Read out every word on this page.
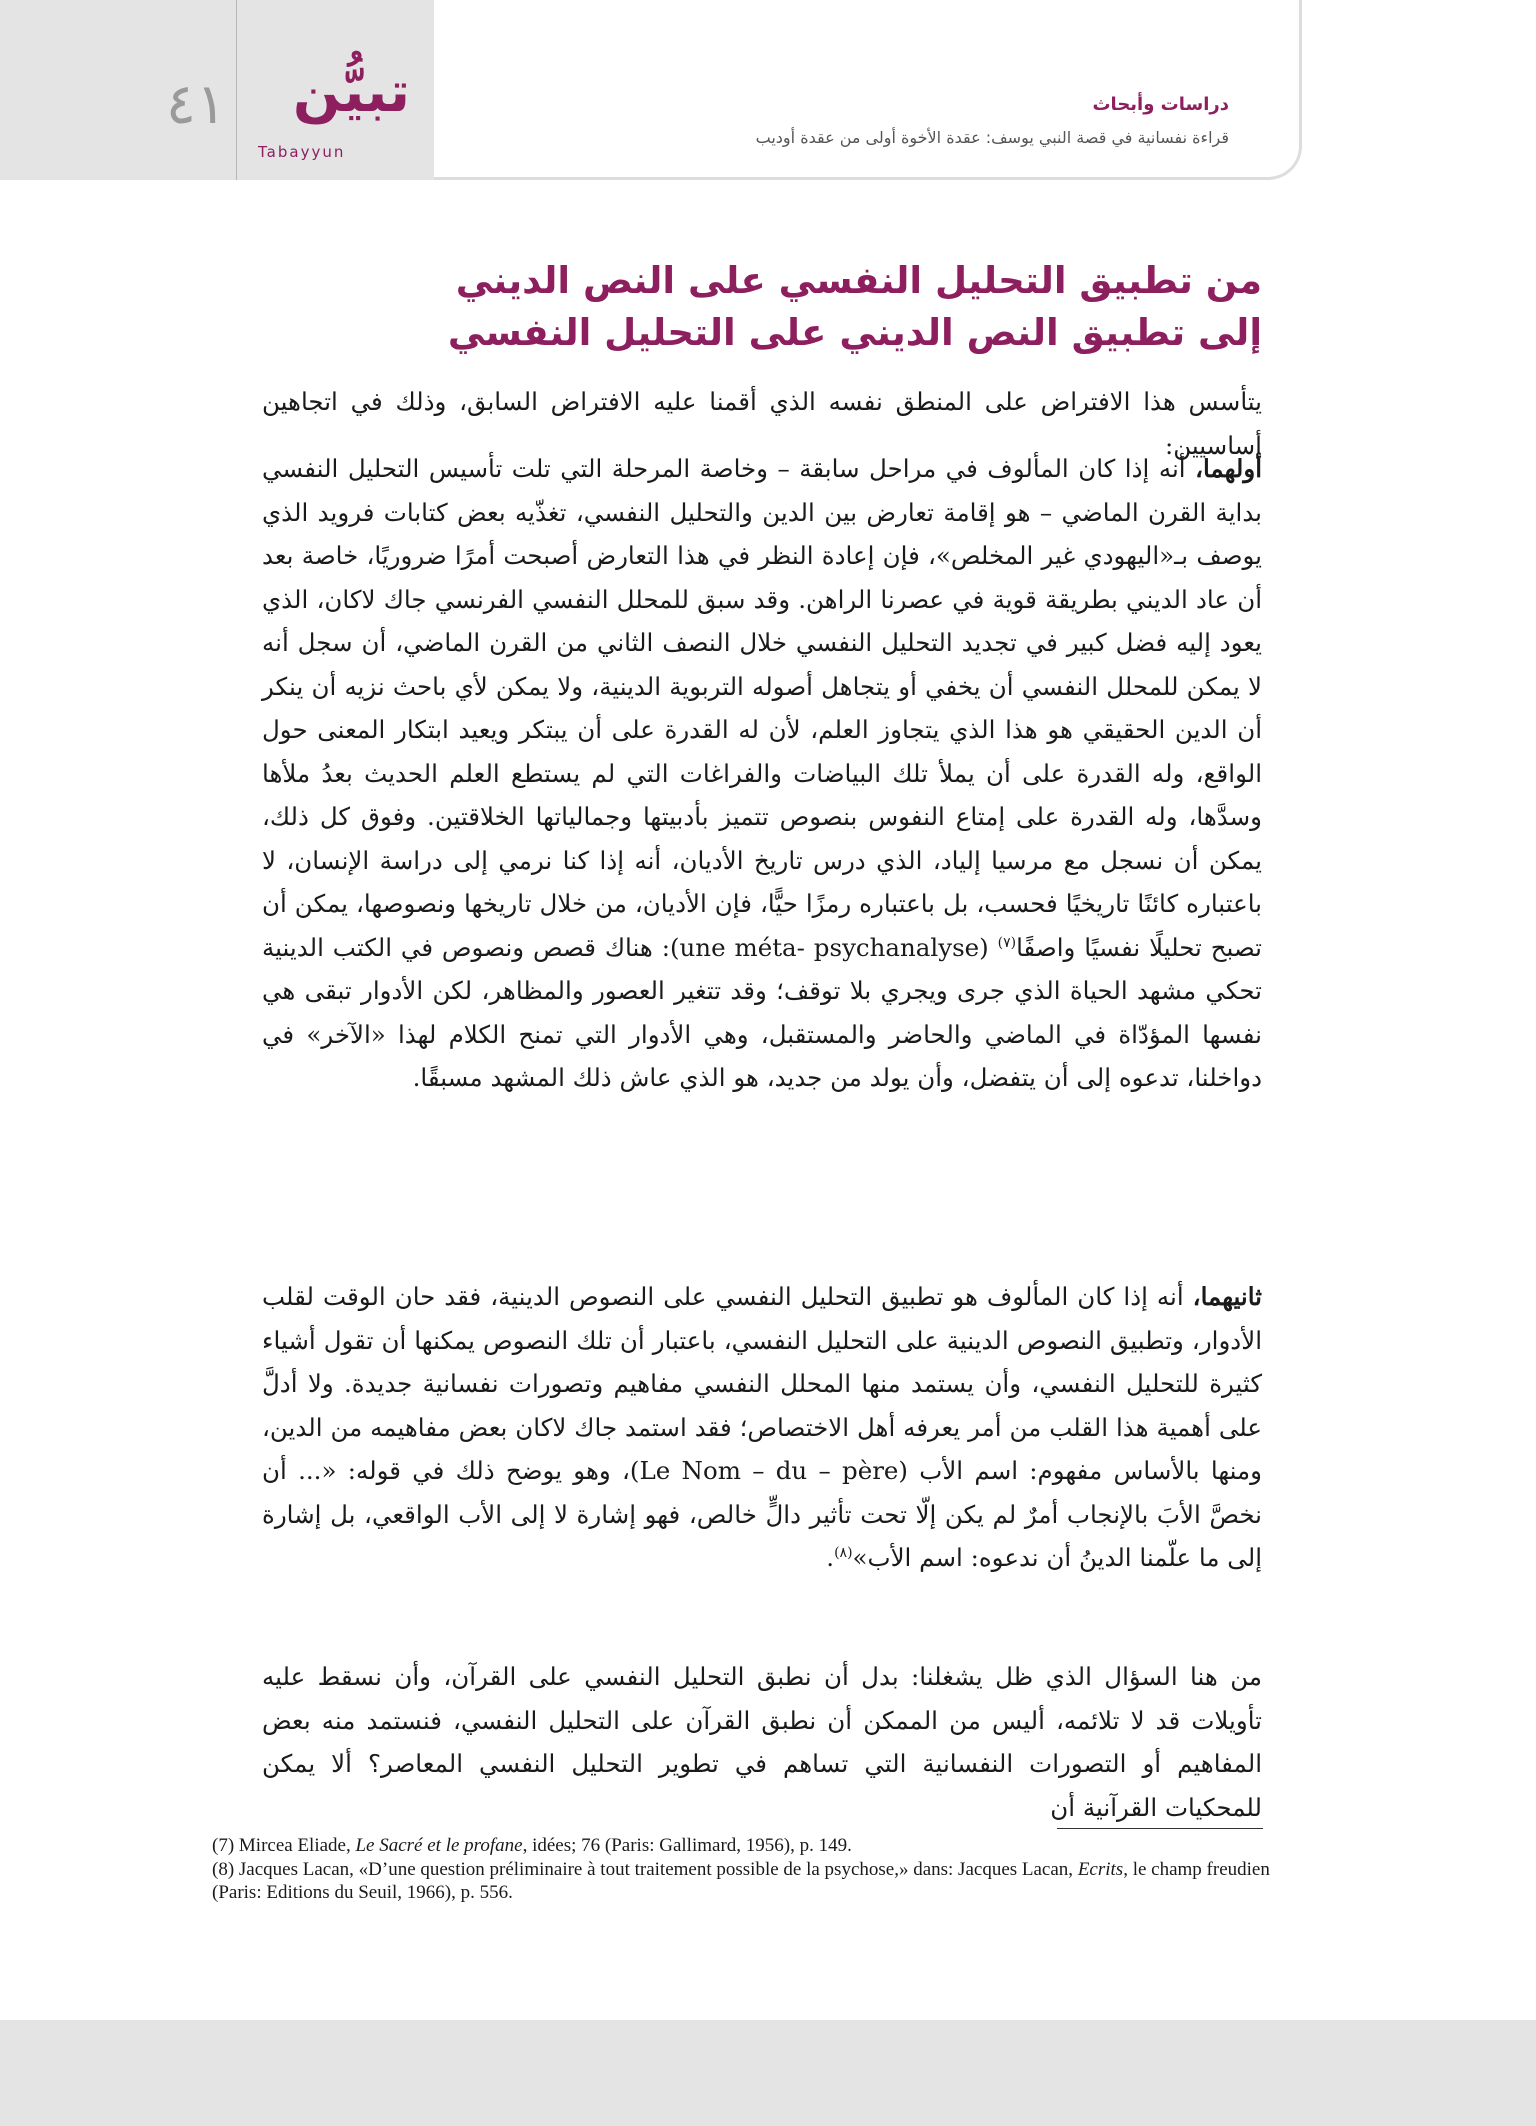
٤١ تبيُّن
Tabayyun
دراسات وأبحاث
قراءة نفسانية في قصة النبي يوسف: عقدة الأخوة أولى من عقدة أوديب
من تطبيق التحليل النفسي على النص الديني
إلى تطبيق النص الديني على التحليل النفسي

يتأسس هذا الافتراض على المنطق نفسه الذي أقمنا عليه الافتراض السابق، وذلك في اتجاهين أساسيين:

أولهما، أنه إذا كان المألوف في مراحل سابقة – وخاصة المرحلة التي تلت تأسيس التحليل النفسي بداية القرن الماضي – هو إقامة تعارض بين الدين والتحليل النفسي، تغذّيه بعض كتابات فرويد الذي يوصف بـ«اليهودي غير المخلص»، فإن إعادة النظر في هذا التعارض أصبحت أمرًا ضروريًا، خاصة بعد أن عاد الديني بطريقة قوية في عصرنا الراهن. وقد سبق للمحلل النفسي الفرنسي جاك لاكان، الذي يعود إليه فضل كبير في تجديد التحليل النفسي خلال النصف الثاني من القرن الماضي، أن سجل أنه لا يمكن للمحلل النفسي أن يخفي أو يتجاهل أصوله التربوية الدينية، ولا يمكن لأي باحث نزيه أن ينكر أن الدين الحقيقي هو هذا الذي يتجاوز العلم، لأن له القدرة على أن يبتكر ويعيد ابتكار المعنى حول الواقع، وله القدرة على أن يملأ تلك البياضات والفراغات التي لم يستطع العلم الحديث بعدُ ملأها وسدَّها، وله القدرة على إمتاع النفوس بنصوص تتميز بأدبيتها وجمالياتها الخلاقتين. وفوق كل ذلك، يمكن أن نسجل مع مرسيا إلياد، الذي درس تاريخ الأديان، أنه إذا كنا نرمي إلى دراسة الإنسان، لا باعتباره كائنًا تاريخيًا فحسب، بل باعتباره رمزًا حيًّا، فإن الأديان، من خلال تاريخها ونصوصها، يمكن أن تصبح تحليلًا نفسيًا واصفًا$^{(٧)}$ (une méta- psychanalyse): هناك قصص ونصوص في الكتب الدينية تحكي مشهد الحياة الذي جرى ويجري بلا توقف؛ وقد تتغير العصور والمظاهر، لكن الأدوار تبقى هي نفسها المؤدّاة في الماضي والحاضر والمستقبل، وهي الأدوار التي تمنح الكلام لهذا «الآخر» في دواخلنا، تدعوه إلى أن يتفضل، وأن يولد من جديد، هو الذي عاش ذلك المشهد مسبقًا.

ثانيهما، أنه إذا كان المألوف هو تطبيق التحليل النفسي على النصوص الدينية، فقد حان الوقت لقلب الأدوار، وتطبيق النصوص الدينية على التحليل النفسي، باعتبار أن تلك النصوص يمكنها أن تقول أشياء كثيرة للتحليل النفسي، وأن يستمد منها المحلل النفسي مفاهيم وتصورات نفسانية جديدة. ولا أدلَّ على أهمية هذا القلب من أمر يعرفه أهل الاختصاص؛ فقد استمد جاك لاكان بعض مفاهيمه من الدين، ومنها بالأساس مفهوم: اسم الأب (Le Nom – du – père)، وهو يوضح ذلك في قوله: «... أن نخصَّ الأبَ بالإنجاب أمرٌ لم يكن إلّا تحت تأثير دالٍّ خالص، فهو إشارة لا إلى الأب الواقعي، بل إشارة إلى ما علّمنا الدينُ أن ندعوه: اسم الأب»$^{(٨)}$.

من هنا السؤال الذي ظل يشغلنا: بدل أن نطبق التحليل النفسي على القرآن، وأن نسقط عليه تأويلات قد لا تلائمه، أليس من الممكن أن نطبق القرآن على التحليل النفسي، فنستمد منه بعض المفاهيم أو التصورات النفسانية التي تساهم في تطوير التحليل النفسي المعاصر؟ ألا يمكن للمحكيات القرآنية أن

(7) Mircea Eliade, Le Sacré et le profane, idées; 76 (Paris: Gallimard, 1956), p. 149.

(8) Jacques Lacan, «D’une question préliminaire à tout traitement possible de la psychose,» dans: Jacques Lacan, Ecrits, le champ freudien (Paris: Editions du Seuil, 1966), p. 556.
